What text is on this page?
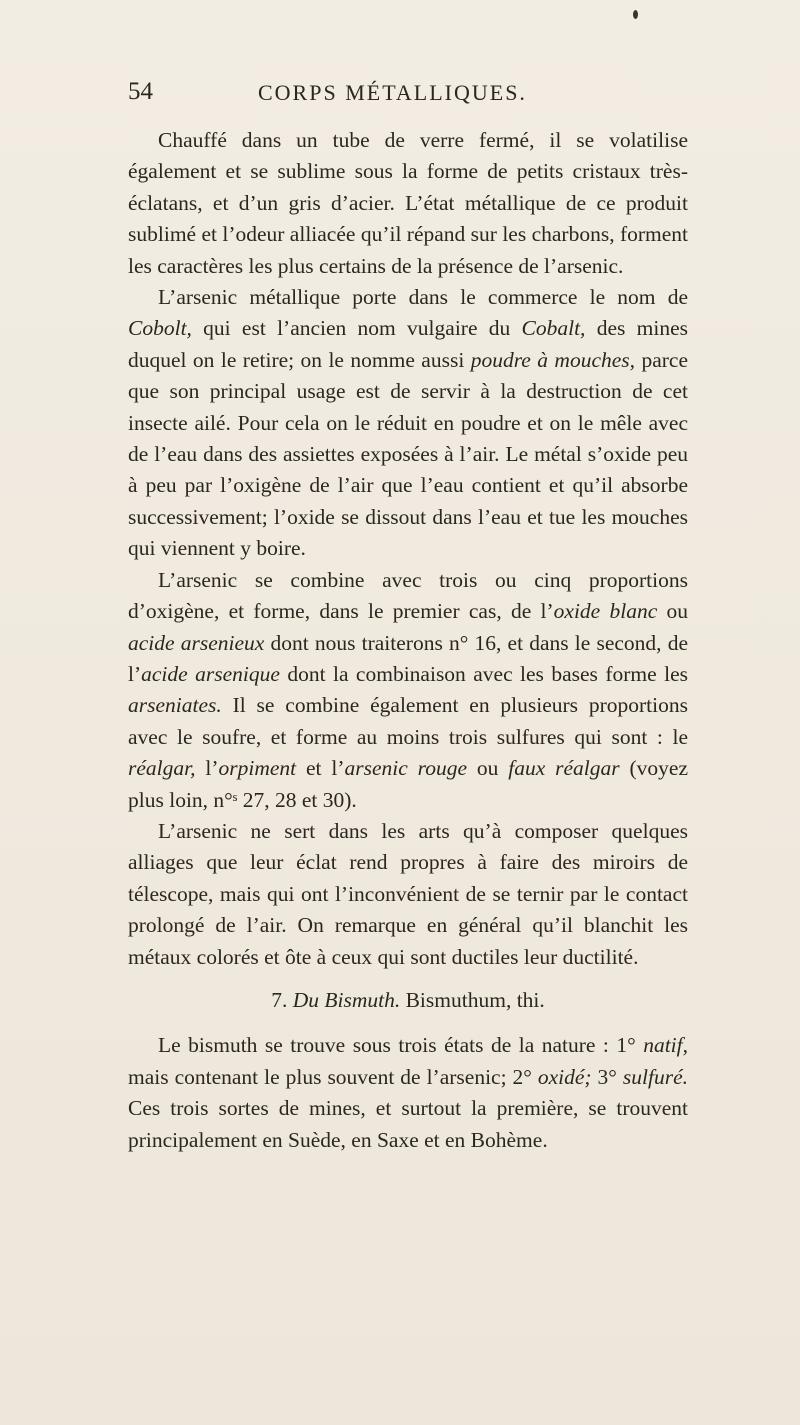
54	CORPS MÉTALLIQUES.

Chauffé dans un tube de verre fermé, il se volatilise également et se sublime sous la forme de petits cristaux très-éclatans, et d’un gris d’acier. L’état métallique de ce produit sublimé et l’odeur alliacée qu’il répand sur les charbons, forment les caractères les plus certains de la présence de l’arsenic.

L’arsenic métallique porte dans le commerce le nom de Cobolt, qui est l’ancien nom vulgaire du Cobalt, des mines duquel on le retire; on le nomme aussi poudre à mouches, parce que son principal usage est de servir à la destruction de cet insecte ailé. Pour cela on le réduit en poudre et on le mêle avec de l’eau dans des assiettes exposées à l’air. Le métal s’oxide peu à peu par l’oxigène de l’air que l’eau contient et qu’il absorbe successivement; l’oxide se dissout dans l’eau et tue les mouches qui viennent y boire.

L’arsenic se combine avec trois ou cinq proportions d’oxigène, et forme, dans le premier cas, de l’oxide blanc ou acide arsenieux dont nous traiterons n° 16, et dans le second, de l’acide arsenique dont la combinaison avec les bases forme les arseniates. Il se combine également en plusieurs proportions avec le soufre, et forme au moins trois sulfures qui sont : le réalgar, l’orpiment et l’arsenic rouge ou faux réalgar (voyez plus loin, n°ˢ 27, 28 et 30).

L’arsenic ne sert dans les arts qu’à composer quelques alliages que leur éclat rend propres à faire des miroirs de télescope, mais qui ont l’inconvénient de se ternir par le contact prolongé de l’air. On remarque en général qu’il blanchit les métaux colorés et ôte à ceux qui sont ductiles leur ductilité.

7. Du Bismuth. Bismuthum, thi.

Le bismuth se trouve sous trois états de la nature : 1° natif, mais contenant le plus souvent de l’arsenic; 2° oxidé; 3° sulfuré. Ces trois sortes de mines, et surtout la première, se trouvent principalement en Suède, en Saxe et en Bohème.
